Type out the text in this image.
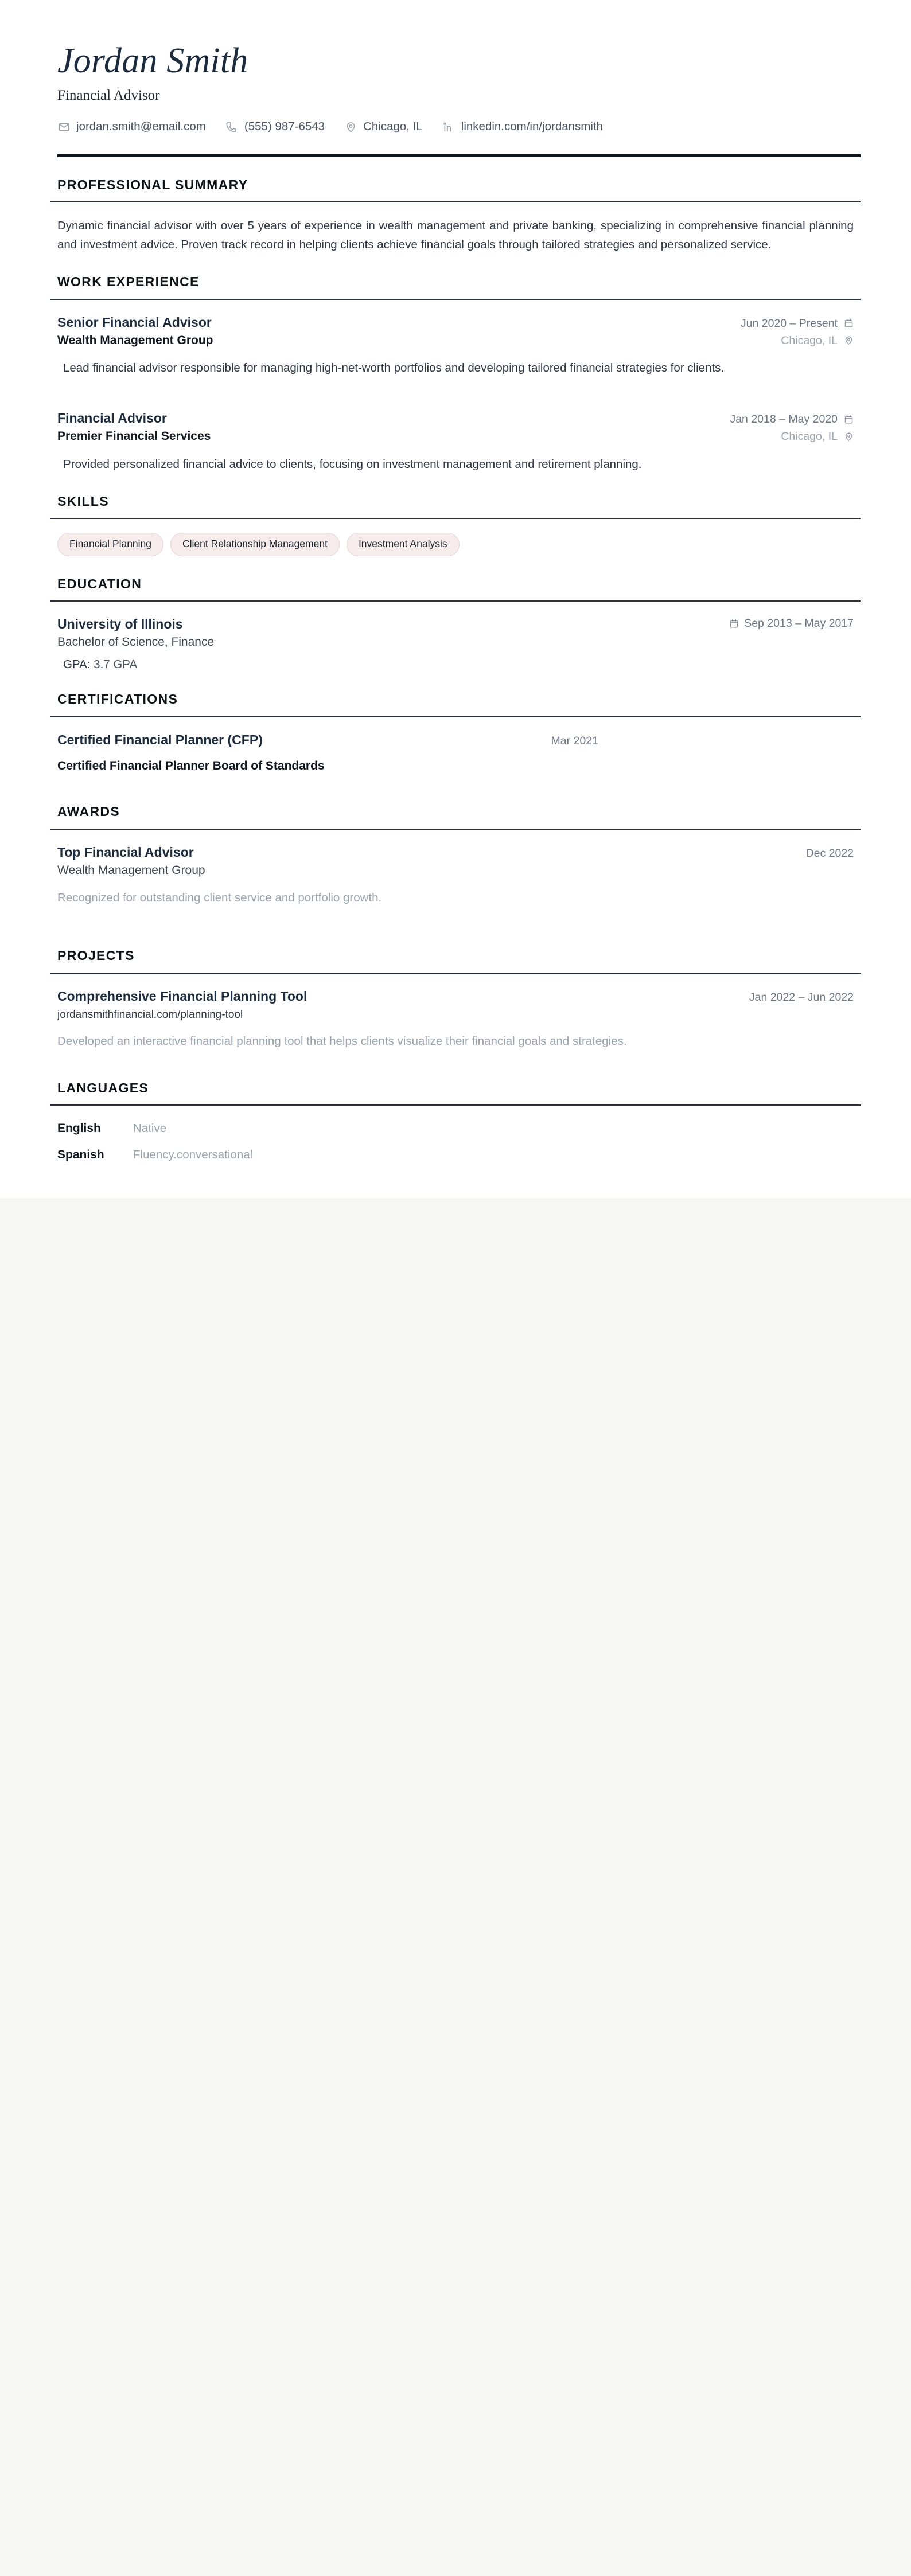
Jordan Smith
Financial Advisor
jordan.smith@email.com	(555) 987-6543	Chicago, IL	linkedin.com/in/jordansmith
PROFESSIONAL SUMMARY

Dynamic financial advisor with over 5 years of experience in wealth management and private banking, specializing in comprehensive financial planning and investment advice. Proven track record in helping clients achieve financial goals through tailored strategies and personalized service.

WORK EXPERIENCE
Senior Financial Advisor	Jun 2020 – Present
Wealth Management Group	Chicago, IL

Lead financial advisor responsible for managing high-net-worth portfolios and developing tailored financial strategies for clients.

Financial Advisor	Jan 2018 – May 2020
Premier Financial Services	Chicago, IL

Provided personalized financial advice to clients, focusing on investment management and retirement planning.

SKILLS
Financial Planning	Client Relationship Management	Investment Analysis
EDUCATION
University of Illinois	Sep 2013 – May 2017
Bachelor of Science, Finance
GPA: 3.7 GPA
CERTIFICATIONS
Certified Financial Planner (CFP)	Mar 2021
Certified Financial Planner Board of Standards
AWARDS
Top Financial Advisor	Dec 2022
Wealth Management Group

Recognized for outstanding client service and portfolio growth.

PROJECTS
Comprehensive Financial Planning Tool	Jan 2022 – Jun 2022
jordansmithfinancial.com/planning-tool

Developed an interactive financial planning tool that helps clients visualize their financial goals and strategies.

LANGUAGES
English	Native
Spanish	Fluency.conversational
